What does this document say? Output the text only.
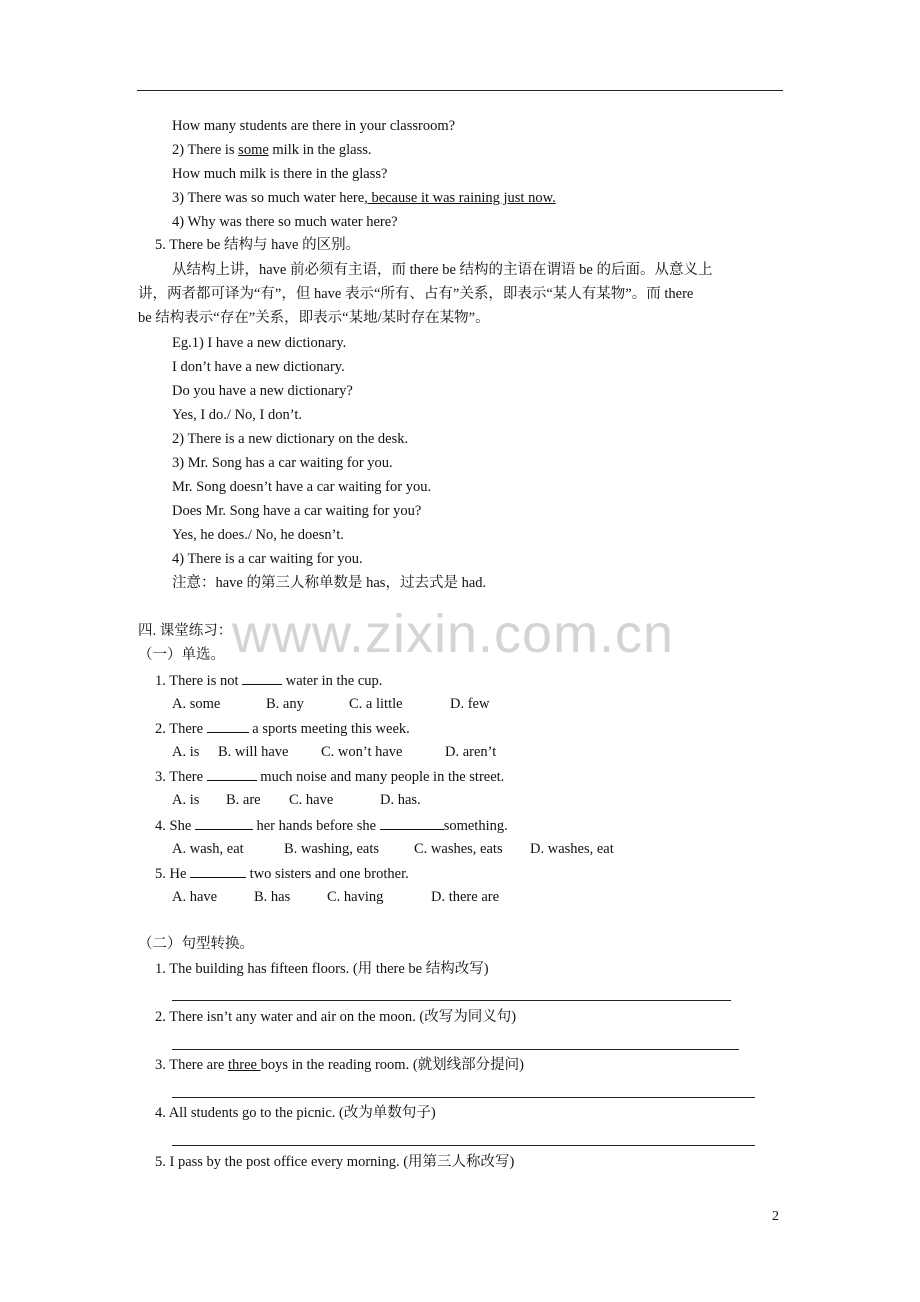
How many students are there in your classroom?
2) There is some milk in the glass.
How much milk is there in the glass?
3) There was so much water here, because it was raining just now.
4) Why was there so much water here?
5. There be 结构与 have 的区别。
从结构上讲，have 前必须有主语，而 there be 结构的主语在谓语 be 的后面。从意义上
讲，两者都可译为“有”，但 have 表示“所有、占有”关系，即表示“某人有某物”。而 there
be 结构表示“存在”关系，即表示“某地/某时存在某物”。
Eg.1) I have a new dictionary.
I don’t have a new dictionary.
Do you have a new dictionary?
Yes, I do./ No, I don’t.
2) There is a new dictionary on the desk.
3) Mr. Song has a car waiting for you.
Mr. Song doesn’t have a car waiting for you.
Does Mr. Song have a car waiting for you?
Yes, he does./ No, he doesn’t.
4) There is a car waiting for you.
注意：have 的第三人称单数是 has，过去式是 had.
www.zixin.com.cn
四. 课堂练习：
（一）单选。
1. There is not	water in the cup.
A. some	B. any	C. a little	D. few
2. There	a sports meeting this week.
A. is B. will have C. won’t have	D. aren’t
3. There	much noise and many people in the street.
A. is B. are C. have	D. has.
4. She	her hands before she	something.
A. wash, eat	B. washing, eats C. washes, eats D. washes, eat
5. He	two sisters and one brother.
A. have	B. has	C. having	D. there are
（二）句型转换。
1. The building has fifteen floors. (用 there be 结构改写)
2. There isn’t any water and air on the moon. (改写为同义句)
3. There are three boys in the reading room. (就划线部分提问)
4. All students go to the picnic. (改为单数句子)
5. I pass by the post office every morning. (用第三人称改写)
2
